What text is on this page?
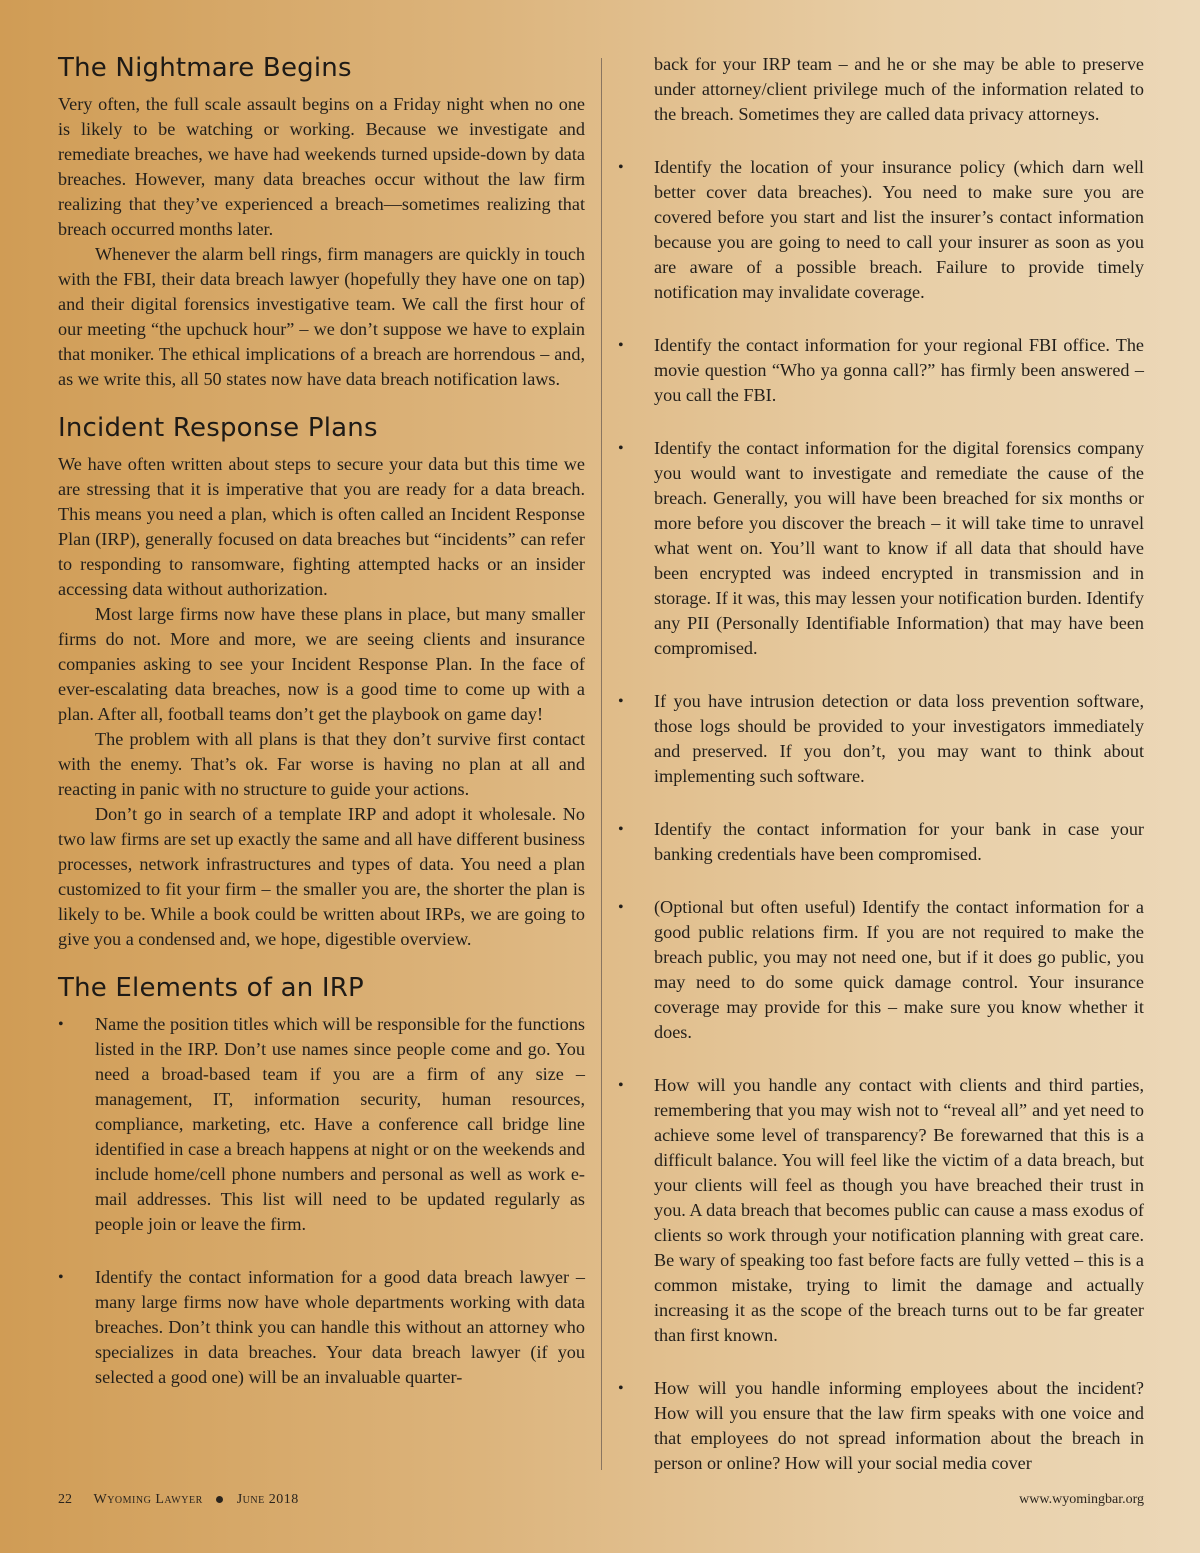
The Nightmare Begins

Very often, the full scale assault begins on a Friday night when no one is likely to be watching or working. Because we investigate and remediate breaches, we have had weekends turned upside-down by data breaches. However, many data breaches occur without the law firm realizing that they’ve experienced a breach—sometimes realizing that breach occurred months later.

Whenever the alarm bell rings, firm managers are quickly in touch with the FBI, their data breach lawyer (hopefully they have one on tap) and their digital forensics investigative team. We call the first hour of our meeting “the upchuck hour” – we don’t suppose we have to explain that moniker. The ethical implications of a breach are horrendous – and, as we write this, all 50 states now have data breach notification laws.

Incident Response Plans

We have often written about steps to secure your data but this time we are stressing that it is imperative that you are ready for a data breach. This means you need a plan, which is often called an Incident Response Plan (IRP), generally focused on data breaches but “incidents” can refer to responding to ransomware, fighting attempted hacks or an insider accessing data without authorization.

Most large firms now have these plans in place, but many smaller firms do not. More and more, we are seeing clients and insurance companies asking to see your Incident Response Plan. In the face of ever-escalating data breaches, now is a good time to come up with a plan. After all, football teams don’t get the playbook on game day!

The problem with all plans is that they don’t survive first contact with the enemy. That’s ok. Far worse is having no plan at all and reacting in panic with no structure to guide your actions.

Don’t go in search of a template IRP and adopt it wholesale. No two law firms are set up exactly the same and all have different business processes, network infrastructures and types of data. You need a plan customized to fit your firm – the smaller you are, the shorter the plan is likely to be. While a book could be written about IRPs, we are going to give you a condensed and, we hope, digestible overview.

The Elements of an IRP
• Name the position titles which will be responsible for the functions listed in the IRP. Don’t use names since people come and go. You need a broad-based team if you are a firm of any size – management, IT, information security, human resources, compliance, marketing, etc. Have a conference call bridge line identified in case a breach happens at night or on the weekends and include home/cell phone numbers and personal as well as work e-mail addresses. This list will need to be updated regularly as people join or leave the firm.
• Identify the contact information for a good data breach lawyer – many large firms now have whole departments working with data breaches. Don’t think you can handle this without an attorney who specializes in data breaches. Your data breach lawyer (if you selected a good one) will be an invaluable quarter-
back for your IRP team – and he or she may be able to preserve under attorney/client privilege much of the information related to the breach. Sometimes they are called data privacy attorneys.
• Identify the location of your insurance policy (which darn well better cover data breaches). You need to make sure you are covered before you start and list the insurer’s contact information because you are going to need to call your insurer as soon as you are aware of a possible breach. Failure to provide timely notification may invalidate coverage.
• Identify the contact information for your regional FBI office. The movie question “Who ya gonna call?” has firmly been answered – you call the FBI.
• Identify the contact information for the digital forensics company you would want to investigate and remediate the cause of the breach. Generally, you will have been breached for six months or more before you discover the breach – it will take time to unravel what went on. You’ll want to know if all data that should have been encrypted was indeed encrypted in transmission and in storage. If it was, this may lessen your notification burden. Identify any PII (Personally Identifiable Information) that may have been compromised.
• If you have intrusion detection or data loss prevention software, those logs should be provided to your investigators immediately and preserved. If you don’t, you may want to think about implementing such software.
• Identify the contact information for your bank in case your banking credentials have been compromised.
• (Optional but often useful) Identify the contact information for a good public relations firm. If you are not required to make the breach public, you may not need one, but if it does go public, you may need to do some quick damage control. Your insurance coverage may provide for this – make sure you know whether it does.
• How will you handle any contact with clients and third parties, remembering that you may wish not to “reveal all” and yet need to achieve some level of transparency? Be forewarned that this is a difficult balance. You will feel like the victim of a data breach, but your clients will feel as though you have breached their trust in you. A data breach that becomes public can cause a mass exodus of clients so work through your notification planning with great care. Be wary of speaking too fast before facts are fully vetted – this is a common mistake, trying to limit the damage and actually increasing it as the scope of the breach turns out to be far greater than first known.
• How will you handle informing employees about the incident? How will you ensure that the law firm speaks with one voice and that employees do not spread information about the breach in person or online? How will your social media cover
22 Wyoming Lawyer June 2018	www.wyomingbar.org
